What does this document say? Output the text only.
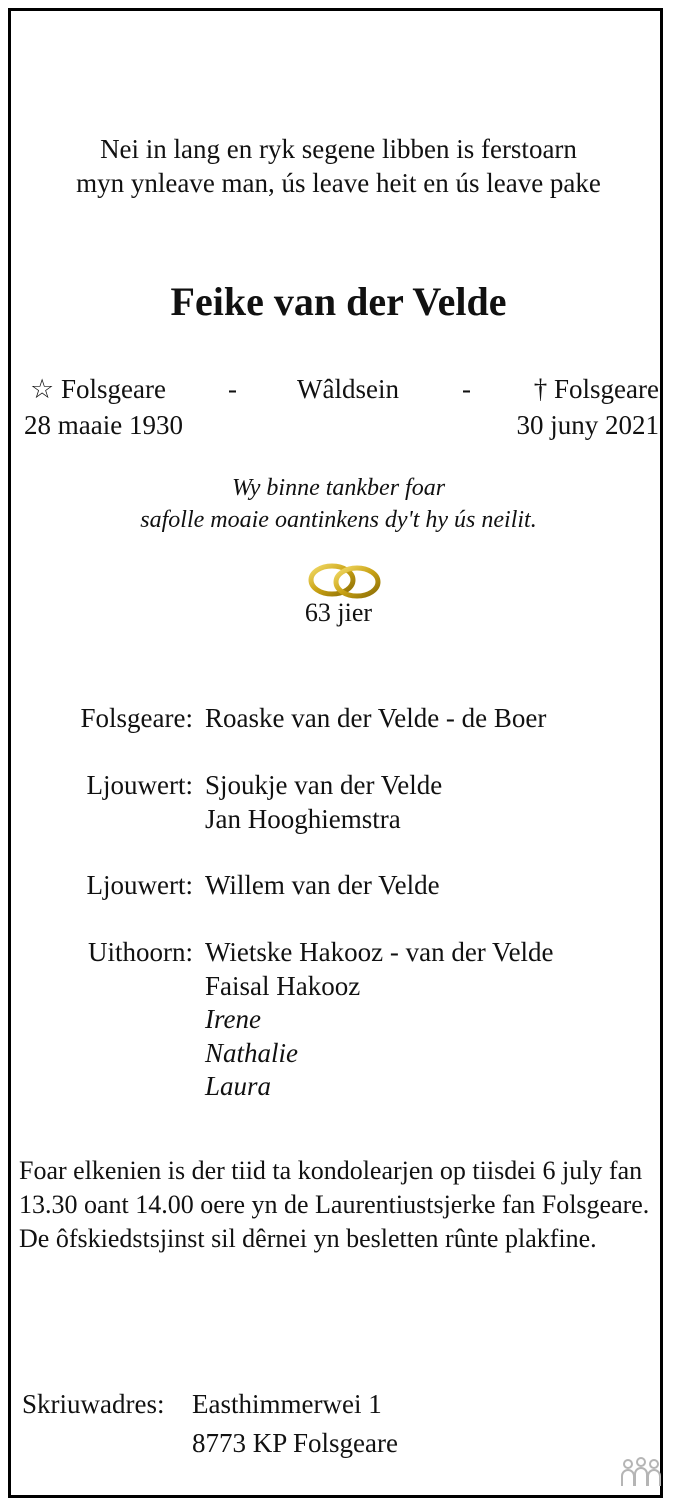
Nei in lang en ryk segene libben is ferstoarn
myn ynleave man, ús leave heit en ús leave pake
Feike van der Velde
☆ Folsgeare - Wâldsein - † Folsgeare
28 maaie 1930	30 juny 2021
Wy binne tankber foar
safolle moaie oantinkens dy't hy ús neilit.
63 jier
Folsgeare: Roaske van der Velde - de Boer
Ljouwert: Sjoukje van der Velde
Jan Hooghiemstra
Ljouwert: Willem van der Velde
Uithoorn: Wietske Hakooz - van der Velde
Faisal Hakooz
Irene
Nathalie
Laura
Foar elkenien is der tiid ta kondolearjen op tiisdei 6 july fan 13.30 oant 14.00 oere yn de Laurentiustsjerke fan Folsgeare. De ôfskiedstsjinst sil dêrnei yn besletten rûnte plakfine.
Skriuwadres: Easthimmerwei 1
8773 KP Folsgeare
